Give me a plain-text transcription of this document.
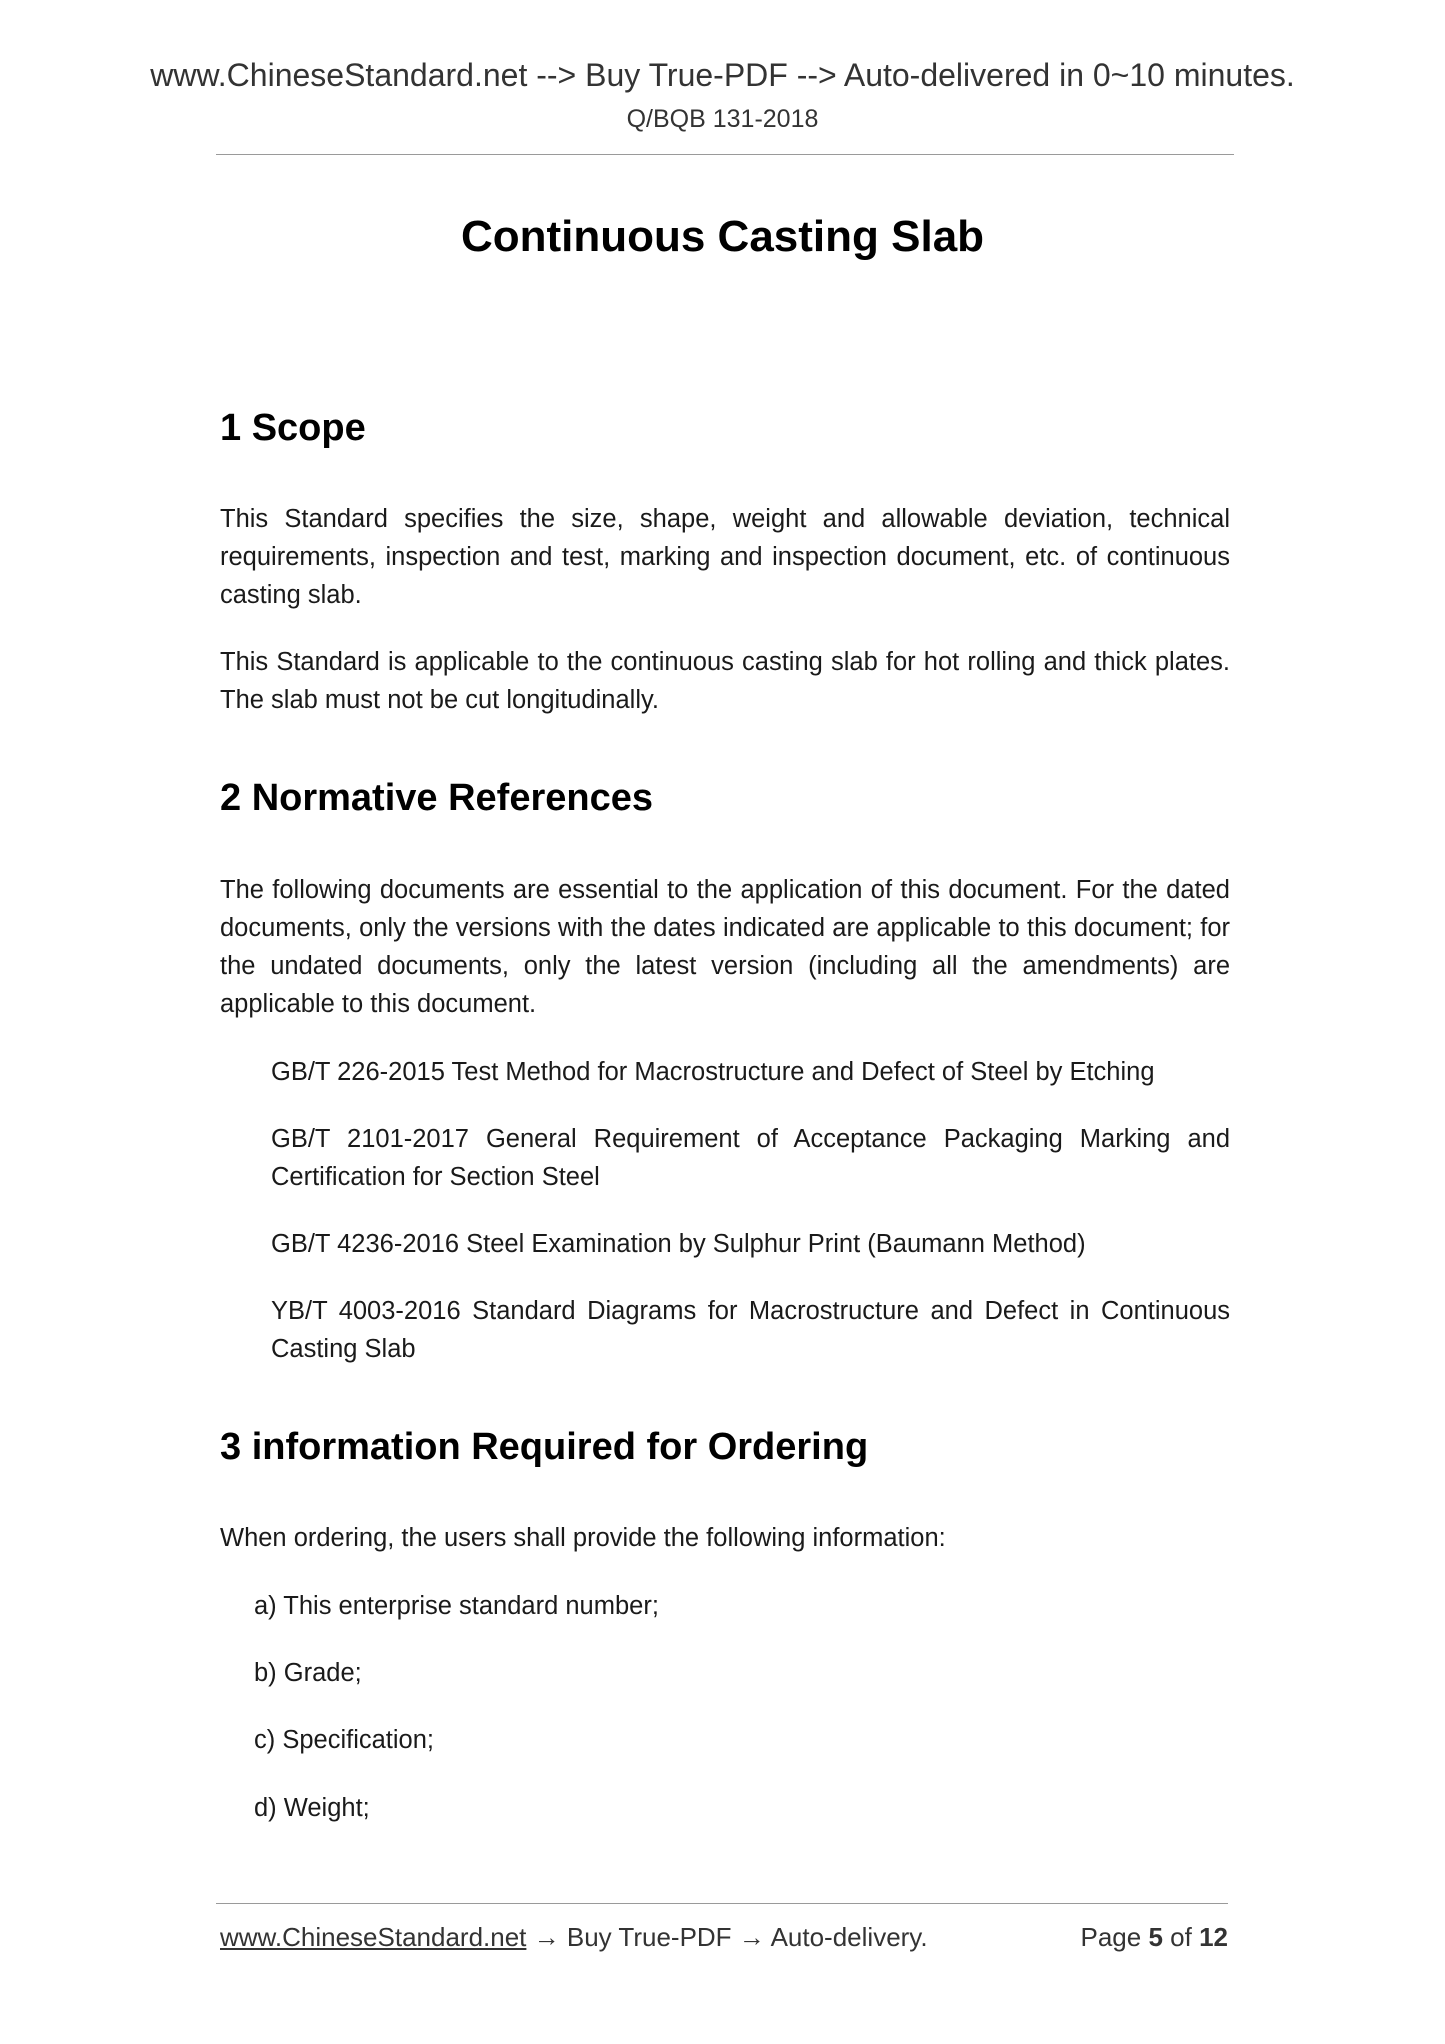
www.ChineseStandard.net --> Buy True-PDF --> Auto-delivered in 0~10 minutes.

Q/BQB 131-2018

Continuous Casting Slab
1 Scope

This Standard specifies the size, shape, weight and allowable deviation, technical requirements, inspection and test, marking and inspection document, etc. of continuous casting slab.

This Standard is applicable to the continuous casting slab for hot rolling and thick plates. The slab must not be cut longitudinally.

2 Normative References

The following documents are essential to the application of this document. For the dated documents, only the versions with the dates indicated are applicable to this document; for the undated documents, only the latest version (including all the amendments) are applicable to this document.

GB/T 226-2015 Test Method for Macrostructure and Defect of Steel by Etching

GB/T 2101-2017 General Requirement of Acceptance Packaging Marking and Certification for Section Steel

GB/T 4236-2016 Steel Examination by Sulphur Print (Baumann Method)

YB/T 4003-2016 Standard Diagrams for Macrostructure and Defect in Continuous Casting Slab

3 information Required for Ordering

When ordering, the users shall provide the following information:

a) This enterprise standard number;

b) Grade;

c) Specification;

d) Weight;

www.ChineseStandard.net → Buy True-PDF → Auto-delivery.	Page 5 of 12
